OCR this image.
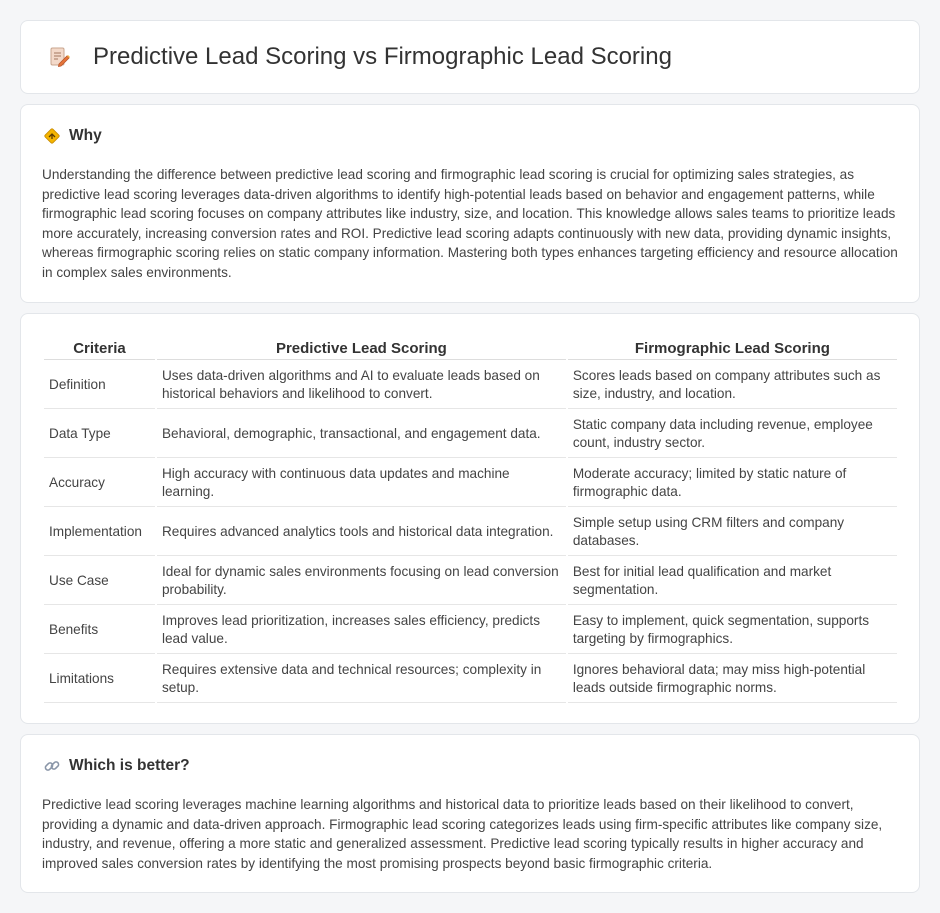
Predictive Lead Scoring vs Firmographic Lead Scoring
Why

Understanding the difference between predictive lead scoring and firmographic lead scoring is crucial for optimizing sales strategies, as predictive lead scoring leverages data-driven algorithms to identify high-potential leads based on behavior and engagement patterns, while firmographic lead scoring focuses on company attributes like industry, size, and location. This knowledge allows sales teams to prioritize leads more accurately, increasing conversion rates and ROI. Predictive lead scoring adapts continuously with new data, providing dynamic insights, whereas firmographic scoring relies on static company information. Mastering both types enhances targeting efficiency and resource allocation in complex sales environments.

Criteria	Predictive Lead Scoring	Firmographic Lead Scoring
Definition	Uses data-driven algorithms and AI to evaluate leads based on historical behaviors and likelihood to convert.	Scores leads based on company attributes such as size, industry, and location.
Data Type	Behavioral, demographic, transactional, and engagement data.	Static company data including revenue, employee count, industry sector.
Accuracy	High accuracy with continuous data updates and machine learning.	Moderate accuracy; limited by static nature of firmographic data.
Implementation	Requires advanced analytics tools and historical data integration.	Simple setup using CRM filters and company databases.
Use Case	Ideal for dynamic sales environments focusing on lead conversion probability.	Best for initial lead qualification and market segmentation.
Benefits	Improves lead prioritization, increases sales efficiency, predicts lead value.	Easy to implement, quick segmentation, supports targeting by firmographics.
Limitations	Requires extensive data and technical resources; complexity in setup.	Ignores behavioral data; may miss high-potential leads outside firmographic norms.
Which is better?

Predictive lead scoring leverages machine learning algorithms and historical data to prioritize leads based on their likelihood to convert, providing a dynamic and data-driven approach. Firmographic lead scoring categorizes leads using firm-specific attributes like company size, industry, and revenue, offering a more static and generalized assessment. Predictive lead scoring typically results in higher accuracy and improved sales conversion rates by identifying the most promising prospects beyond basic firmographic criteria.
